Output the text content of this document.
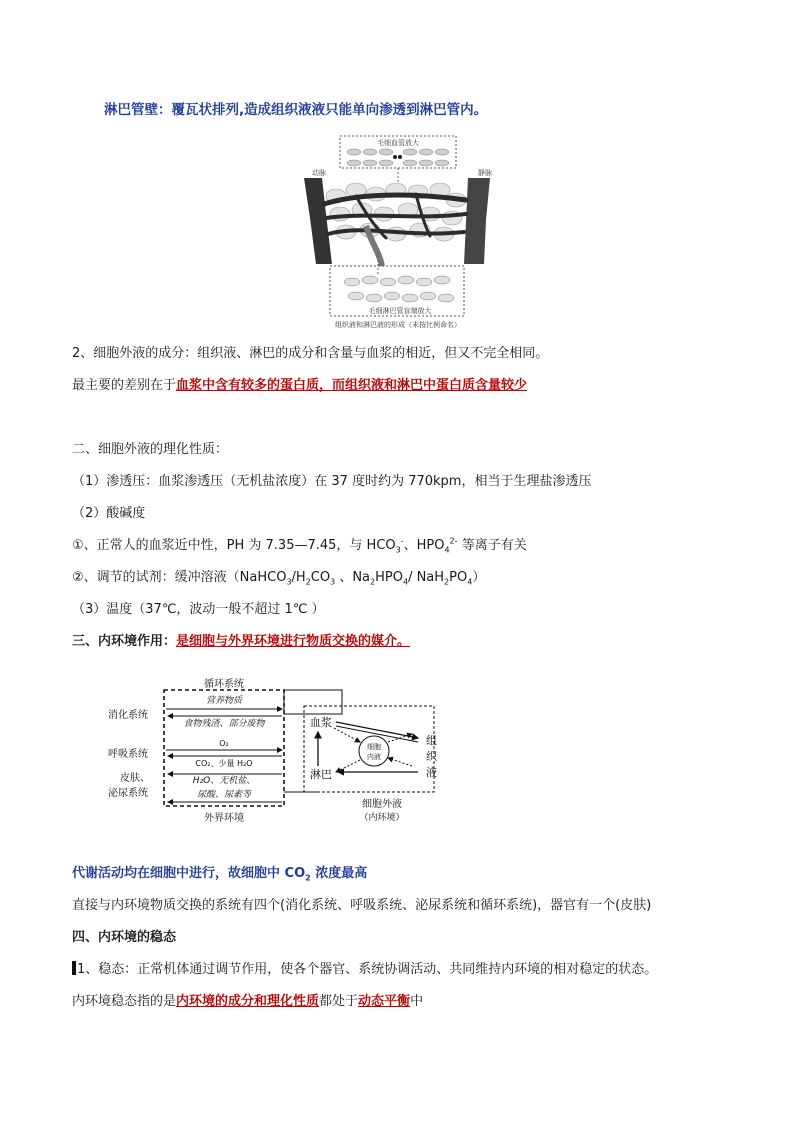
淋巴管壁：覆瓦状排列,造成组织液液只能单向渗透到淋巴管内。
毛细血管放大
动脉	静脉
毛细淋巴管盲端放大
组织液和淋巴液的形成（未按比例命名）
2、细胞外液的成分：组织液、淋巴的成分和含量与血浆的相近，但又不完全相同。
最主要的差别在于血浆中含有较多的蛋白质，而组织液和淋巴中蛋白质含量较少
二、细胞外液的理化性质：
（1）渗透压：血浆渗透压（无机盐浓度）在 37 度时约为 770kpm，相当于生理盐渗透压
（2）酸碱度
①、正常人的血浆近中性，PH 为 7.35—7.45，与 $HCO_3^-$、$HPO_4^{2-}$ 等离子有关
②、调节的试剂：缓冲溶液（$NaHCO_3/H_2CO_3$ 、$Na_2HPO_4/$ $NaH_2PO_4$）
（3）温度（37℃，波动一般不超过 1℃ ）
三、内环境作用：是细胞与外界环境进行物质交换的媒介。
循环系统
外界环境
消化系统
呼吸系统
皮肤、
泌尿系统
营养物质
食物残渣、部分废物
O₂
CO₂、少量 H₂O
H₂O、无机盐、
尿酸、尿素等
血浆
淋巴
细胞
内液
组
织
液
细胞外液
（内环境）
代谢活动均在细胞中进行，故细胞中 $CO_2$ 浓度最高
直接与内环境物质交换的系统有四个(消化系统、呼吸系统、泌尿系统和循环系统)，器官有一个(皮肤)
四、内环境的稳态
1、稳态：正常机体通过调节作用，使各个器官、系统协调活动、共同维持内环境的相对稳定的状态。
内环境稳态指的是内环境的成分和理化性质都处于动态平衡中
